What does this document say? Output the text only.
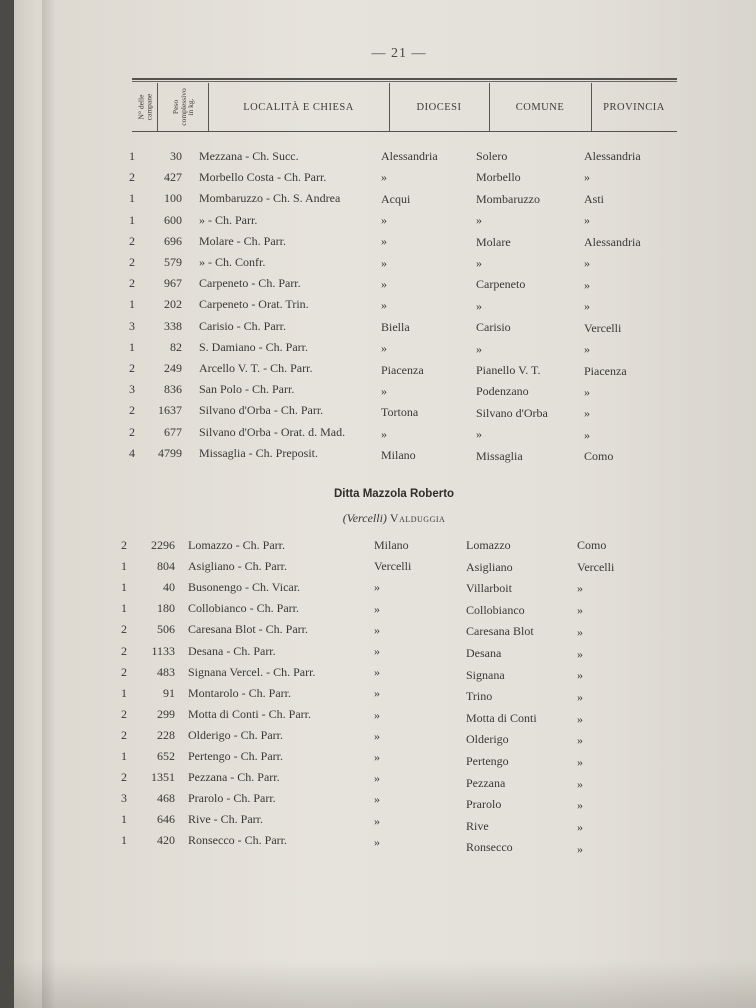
— 21 —
N° delle campane Peso complessivo in kg.	LOCALITÀ E CHIESA	DIOCESI	COMUNE	PROVINCIA
1	30 Mezzana - Ch. Succ.	Alessandria	Solero	Alessandria
2	427 Morbello Costa - Ch. Parr.	»	Morbello	»
1	100 Mombaruzzo - Ch. S. Andrea	Acqui	Mombaruzzo	Asti
1	600 » - Ch. Parr.	»	»	»
2	696 Molare - Ch. Parr.	»	Molare	Alessandria
2	579 » - Ch. Confr.	»	»	»
2	967 Carpeneto - Ch. Parr.	»	Carpeneto	»
1	202 Carpeneto - Orat. Trin.	»	»	»
3	338 Carisio - Ch. Parr.	Biella	Carisio	Vercelli
1	82 S. Damiano - Ch. Parr.	»	»	»
2	249 Arcello V. T. - Ch. Parr.	Piacenza	Pianello V. T.	Piacenza
3	836 San Polo - Ch. Parr.	»	Podenzano	»
2	1637 Silvano d'Orba - Ch. Parr.	Tortona	Silvano d'Orba	»
2	677 Silvano d'Orba - Orat. d. Mad.	»	»	»
4	4799 Missaglia - Ch. Preposit.	Milano	Missaglia	Como
Ditta Mazzola Roberto
(Vercelli) Valduggia
2	2296 Lomazzo - Ch. Parr.	Milano	Lomazzo	Como
1	804 Asigliano - Ch. Parr.	Vercelli	Asigliano	Vercelli
1	40 Busonengo - Ch. Vicar.	»	Villarboit	»
1	180 Collobianco - Ch. Parr.	»	Collobianco	»
2	506 Caresana Blot - Ch. Parr.	»	Caresana Blot	»
2	1133 Desana - Ch. Parr.	»	Desana	»
2	483 Signana Vercel. - Ch. Parr.	»	Signana	»
1	91 Montarolo - Ch. Parr.	»	Trino	»
2	299 Motta di Conti - Ch. Parr.	»	Motta di Conti	»
2	228 Olderigo - Ch. Parr.	»	Olderigo	»
1	652 Pertengo - Ch. Parr.	»	Pertengo	»
2	1351 Pezzana - Ch. Parr.	»	Pezzana	»
3	468 Prarolo - Ch. Parr.	»	Prarolo	»
1	646 Rive - Ch. Parr.	»	Rive	»
1	420 Ronsecco - Ch. Parr.	»	Ronsecco	»
